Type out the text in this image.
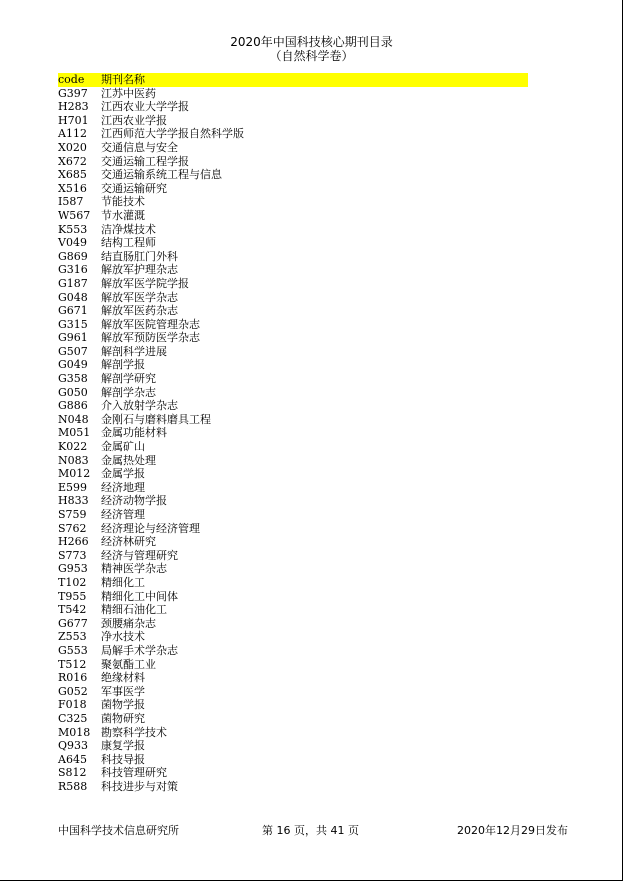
2020年中国科技核心期刊目录
（自然科学卷）
code	期刊名称
G397	江苏中医药
H283	江西农业大学学报
H701	江西农业学报
A112	江西师范大学学报自然科学版
X020	交通信息与安全
X672	交通运输工程学报
X685	交通运输系统工程与信息
X516	交通运输研究
I587	节能技术
W567 节水灌溉
K553	洁净煤技术
V049	结构工程师
G869	结直肠肛门外科
G316	解放军护理杂志
G187	解放军医学院学报
G048	解放军医学杂志
G671	解放军医药杂志
G315	解放军医院管理杂志
G961	解放军预防医学杂志
G507	解剖科学进展
G049	解剖学报
G358	解剖学研究
G050	解剖学杂志
G886	介入放射学杂志
N048	金刚石与磨料磨具工程
M051 金属功能材料
K022	金属矿山
N083	金属热处理
M012 金属学报
E599	经济地理
H833	经济动物学报
S759	经济管理
S762	经济理论与经济管理
H266	经济林研究
S773	经济与管理研究
G953	精神医学杂志
T102	精细化工
T955	精细化工中间体
T542	精细石油化工
G677	颈腰痛杂志
Z553	净水技术
G553	局解手术学杂志
T512	聚氨酯工业
R016	绝缘材料
G052	军事医学
F018	菌物学报
C325	菌物研究
M018 勘察科学技术
Q933	康复学报
A645	科技导报
S812	科技管理研究
R588	科技进步与对策
中国科学技术信息研究所	第 16 页，共 41 页	2020年12月29日发布
